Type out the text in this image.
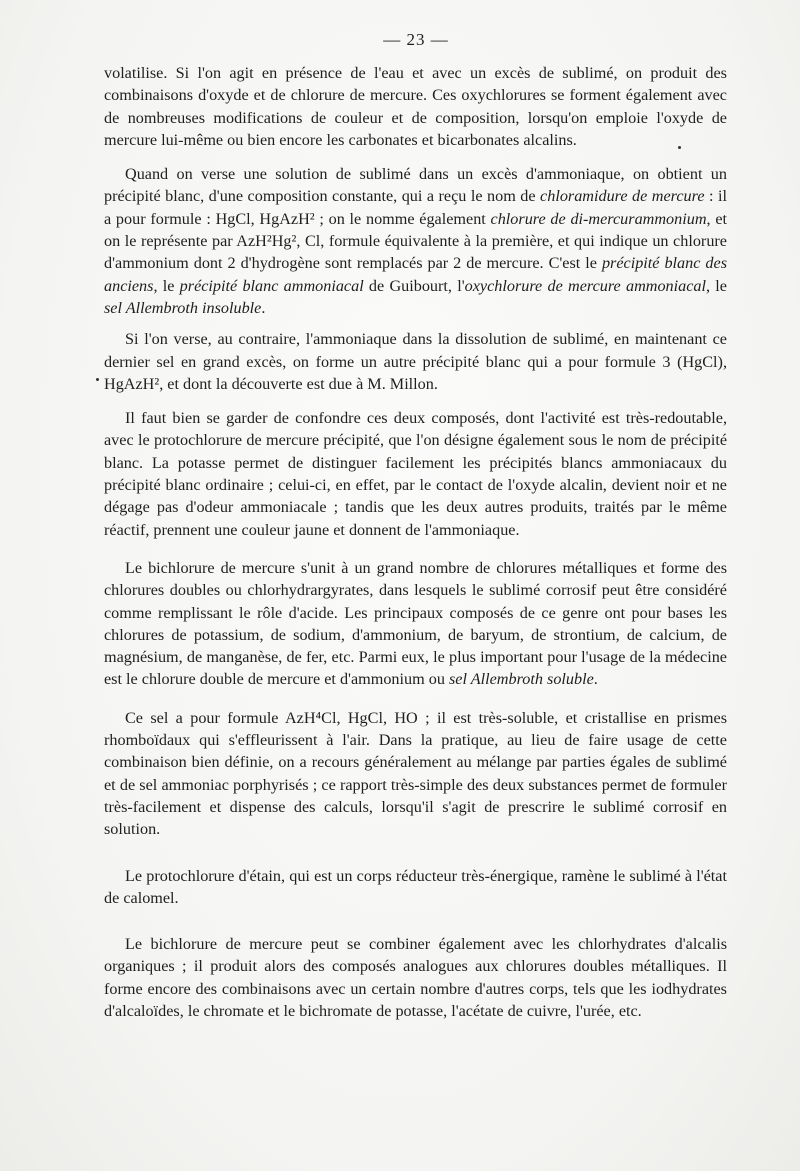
— 23 —

volatilise. Si l'on agit en présence de l'eau et avec un excès de sublimé, on produit des combinaisons d'oxyde et de chlorure de mercure. Ces oxychlorures se forment également avec de nombreuses modifications de couleur et de composition, lorsqu'on emploie l'oxyde de mercure lui-même ou bien encore les carbonates et bicarbonates alcalins.

Quand on verse une solution de sublimé dans un excès d'ammoniaque, on obtient un précipité blanc, d'une composition constante, qui a reçu le nom de chloramidure de mercure : il a pour formule : HgCl, HgAzH² ; on le nomme également chlorure de di-mercurammonium, et on le représente par AzH²Hg², Cl, formule équivalente à la première, et qui indique un chlorure d'ammonium dont 2 d'hydrogène sont remplacés par 2 de mercure. C'est le précipité blanc des anciens, le précipité blanc ammoniacal de Guibourt, l'oxychlorure de mercure ammoniacal, le sel Allembroth insoluble.

Si l'on verse, au contraire, l'ammoniaque dans la dissolution de sublimé, en maintenant ce dernier sel en grand excès, on forme un autre précipité blanc qui a pour formule 3 (HgCl), HgAzH², et dont la découverte est due à M. Millon.

Il faut bien se garder de confondre ces deux composés, dont l'activité est très-redoutable, avec le protochlorure de mercure précipité, que l'on désigne également sous le nom de précipité blanc. La potasse permet de distinguer facilement les précipités blancs ammoniacaux du précipité blanc ordinaire ; celui-ci, en effet, par le contact de l'oxyde alcalin, devient noir et ne dégage pas d'odeur ammoniacale ; tandis que les deux autres produits, traités par le même réactif, prennent une couleur jaune et donnent de l'ammoniaque.

Le bichlorure de mercure s'unit à un grand nombre de chlorures métalliques et forme des chlorures doubles ou chlorhydrargyrates, dans lesquels le sublimé corrosif peut être considéré comme remplissant le rôle d'acide. Les principaux composés de ce genre ont pour bases les chlorures de potassium, de sodium, d'ammonium, de baryum, de strontium, de calcium, de magnésium, de manganèse, de fer, etc. Parmi eux, le plus important pour l'usage de la médecine est le chlorure double de mercure et d'ammonium ou sel Allembroth soluble.

Ce sel a pour formule AzH⁴Cl, HgCl, HO ; il est très-soluble, et cristallise en prismes rhomboïdaux qui s'effleurissent à l'air. Dans la pratique, au lieu de faire usage de cette combinaison bien définie, on a recours généralement au mélange par parties égales de sublimé et de sel ammoniac porphyrisés ; ce rapport très-simple des deux substances permet de formuler très-facilement et dispense des calculs, lorsqu'il s'agit de prescrire le sublimé corrosif en solution.

Le protochlorure d'étain, qui est un corps réducteur très-énergique, ramène le sublimé à l'état de calomel.

Le bichlorure de mercure peut se combiner également avec les chlorhydrates d'alcalis organiques ; il produit alors des composés analogues aux chlorures doubles métalliques. Il forme encore des combinaisons avec un certain nombre d'autres corps, tels que les iodhydrates d'alcaloïdes, le chromate et le bichromate de potasse, l'acétate de cuivre, l'urée, etc.
